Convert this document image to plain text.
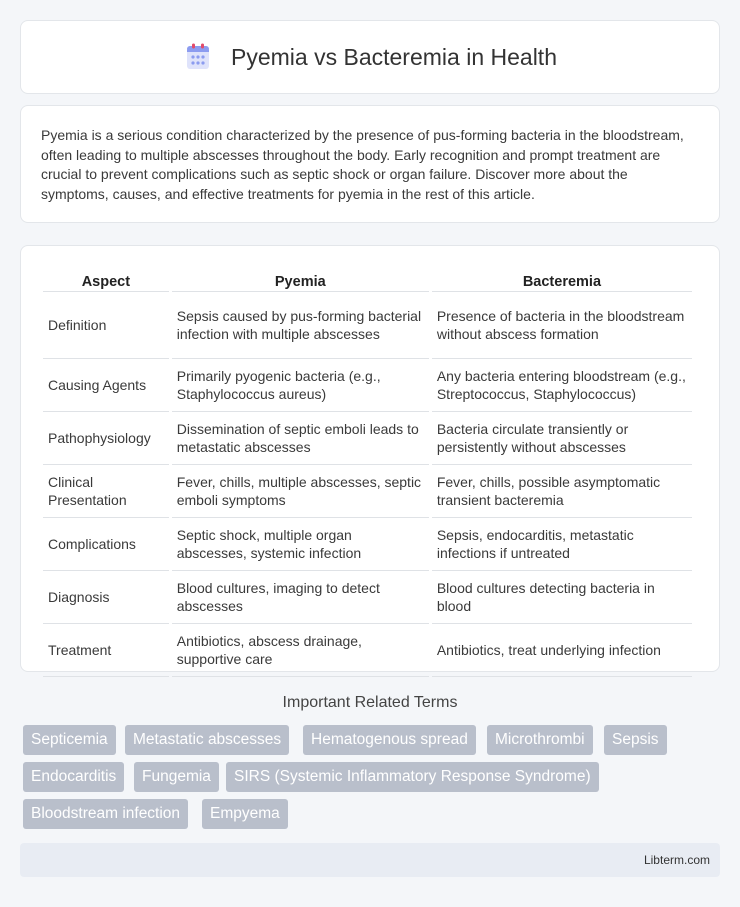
Pyemia vs Bacteremia in Health

Pyemia is a serious condition characterized by the presence of pus-forming bacteria in the bloodstream, often leading to multiple abscesses throughout the body. Early recognition and prompt treatment are crucial to prevent complications such as septic shock or organ failure. Discover more about the symptoms, causes, and effective treatments for pyemia in the rest of this article.

Aspect	Pyemia	Bacteremia
Definition	Sepsis caused by pus-forming bacterial infection with multiple abscesses	Presence of bacteria in the bloodstream without abscess formation
Causing Agents	Primarily pyogenic bacteria (e.g., Staphylococcus aureus)	Any bacteria entering bloodstream (e.g., Streptococcus, Staphylococcus)
Pathophysiology	Dissemination of septic emboli leads to metastatic abscesses	Bacteria circulate transiently or persistently without abscesses
Clinical Presentation	Fever, chills, multiple abscesses, septic emboli symptoms	Fever, chills, possible asymptomatic transient bacteremia
Complications	Septic shock, multiple organ abscesses, systemic infection	Sepsis, endocarditis, metastatic infections if untreated
Diagnosis	Blood cultures, imaging to detect abscesses	Blood cultures detecting bacteria in blood
Treatment	Antibiotics, abscess drainage, supportive care	Antibiotics, treat underlying infection
Important Related Terms
Septicemia	Metastatic abscesses	Hematogenous spread	Microthrombi	Sepsis
Endocarditis	Fungemia	SIRS (Systemic Inflammatory Response Syndrome)
Bloodstream infection	Empyema
Libterm.com
